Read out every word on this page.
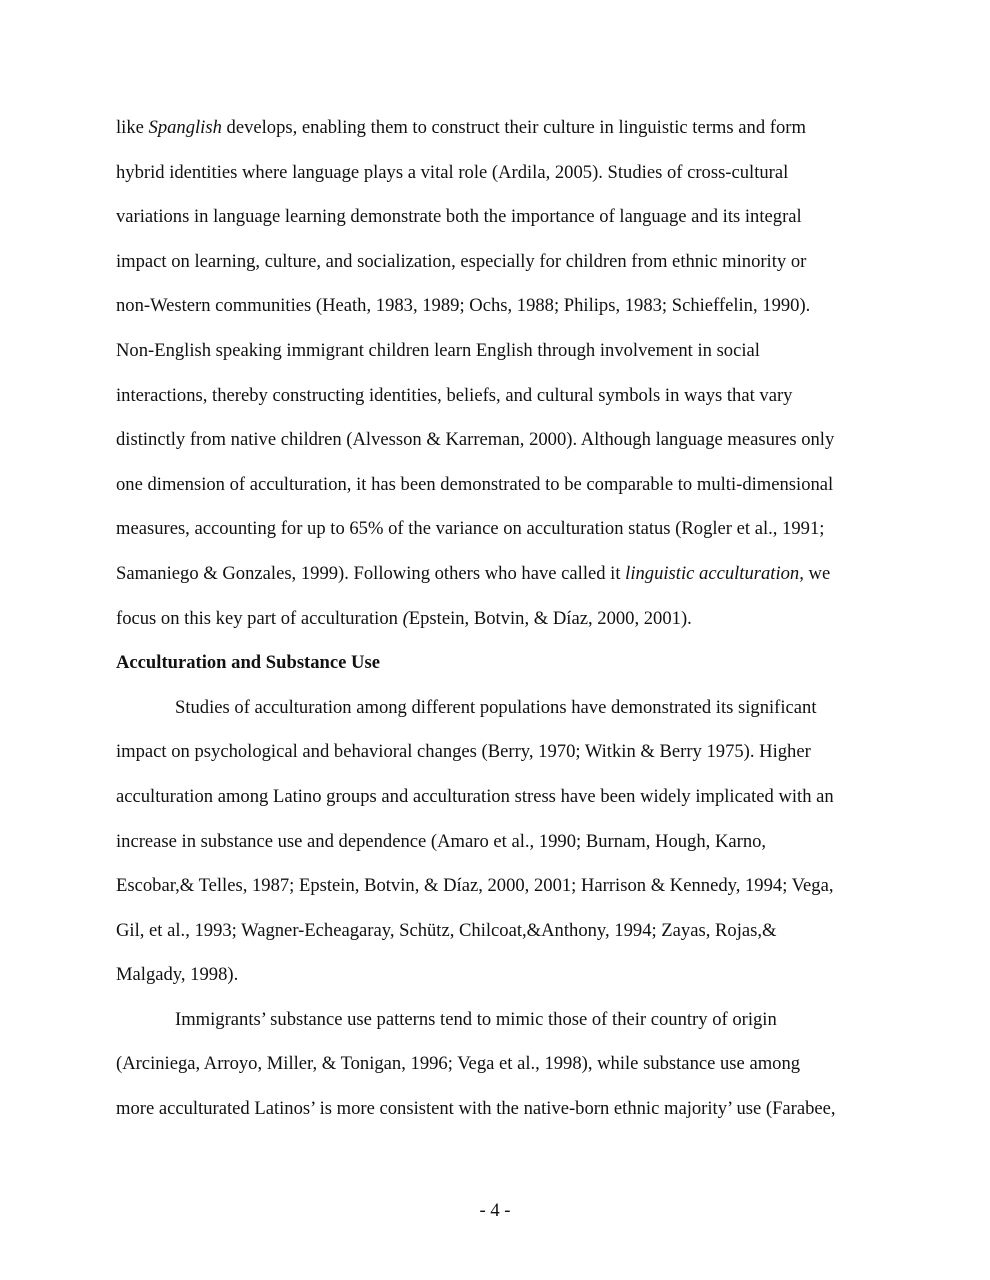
like Spanglish develops, enabling them to construct their culture in linguistic terms and form
hybrid identities where language plays a vital role (Ardila, 2005). Studies of cross-cultural
variations in language learning demonstrate both the importance of language and its integral
impact on learning, culture, and socialization, especially for children from ethnic minority or
non-Western communities (Heath, 1983, 1989; Ochs, 1988; Philips, 1983; Schieffelin, 1990).
Non-English speaking immigrant children learn English through involvement in social
interactions, thereby constructing identities, beliefs, and cultural symbols in ways that vary
distinctly from native children (Alvesson & Karreman, 2000). Although language measures only
one dimension of acculturation, it has been demonstrated to be comparable to multi-dimensional
measures, accounting for up to 65% of the variance on acculturation status (Rogler et al., 1991;
Samaniego & Gonzales, 1999). Following others who have called it linguistic acculturation, we
focus on this key part of acculturation (Epstein, Botvin, & Díaz, 2000, 2001).
Acculturation and Substance Use
Studies of acculturation among different populations have demonstrated its significant
impact on psychological and behavioral changes (Berry, 1970; Witkin & Berry 1975). Higher
acculturation among Latino groups and acculturation stress have been widely implicated with an
increase in substance use and dependence (Amaro et al., 1990; Burnam, Hough, Karno,
Escobar,& Telles, 1987; Epstein, Botvin, & Díaz, 2000, 2001; Harrison & Kennedy, 1994; Vega,
Gil, et al., 1993; Wagner-Echeagaray, Schütz, Chilcoat,&Anthony, 1994; Zayas, Rojas,&
Malgady, 1998).
Immigrants’ substance use patterns tend to mimic those of their country of origin
(Arciniega, Arroyo, Miller, & Tonigan, 1996; Vega et al., 1998), while substance use among
more acculturated Latinos’ is more consistent with the native-born ethnic majority’ use (Farabee,
- 4 -
